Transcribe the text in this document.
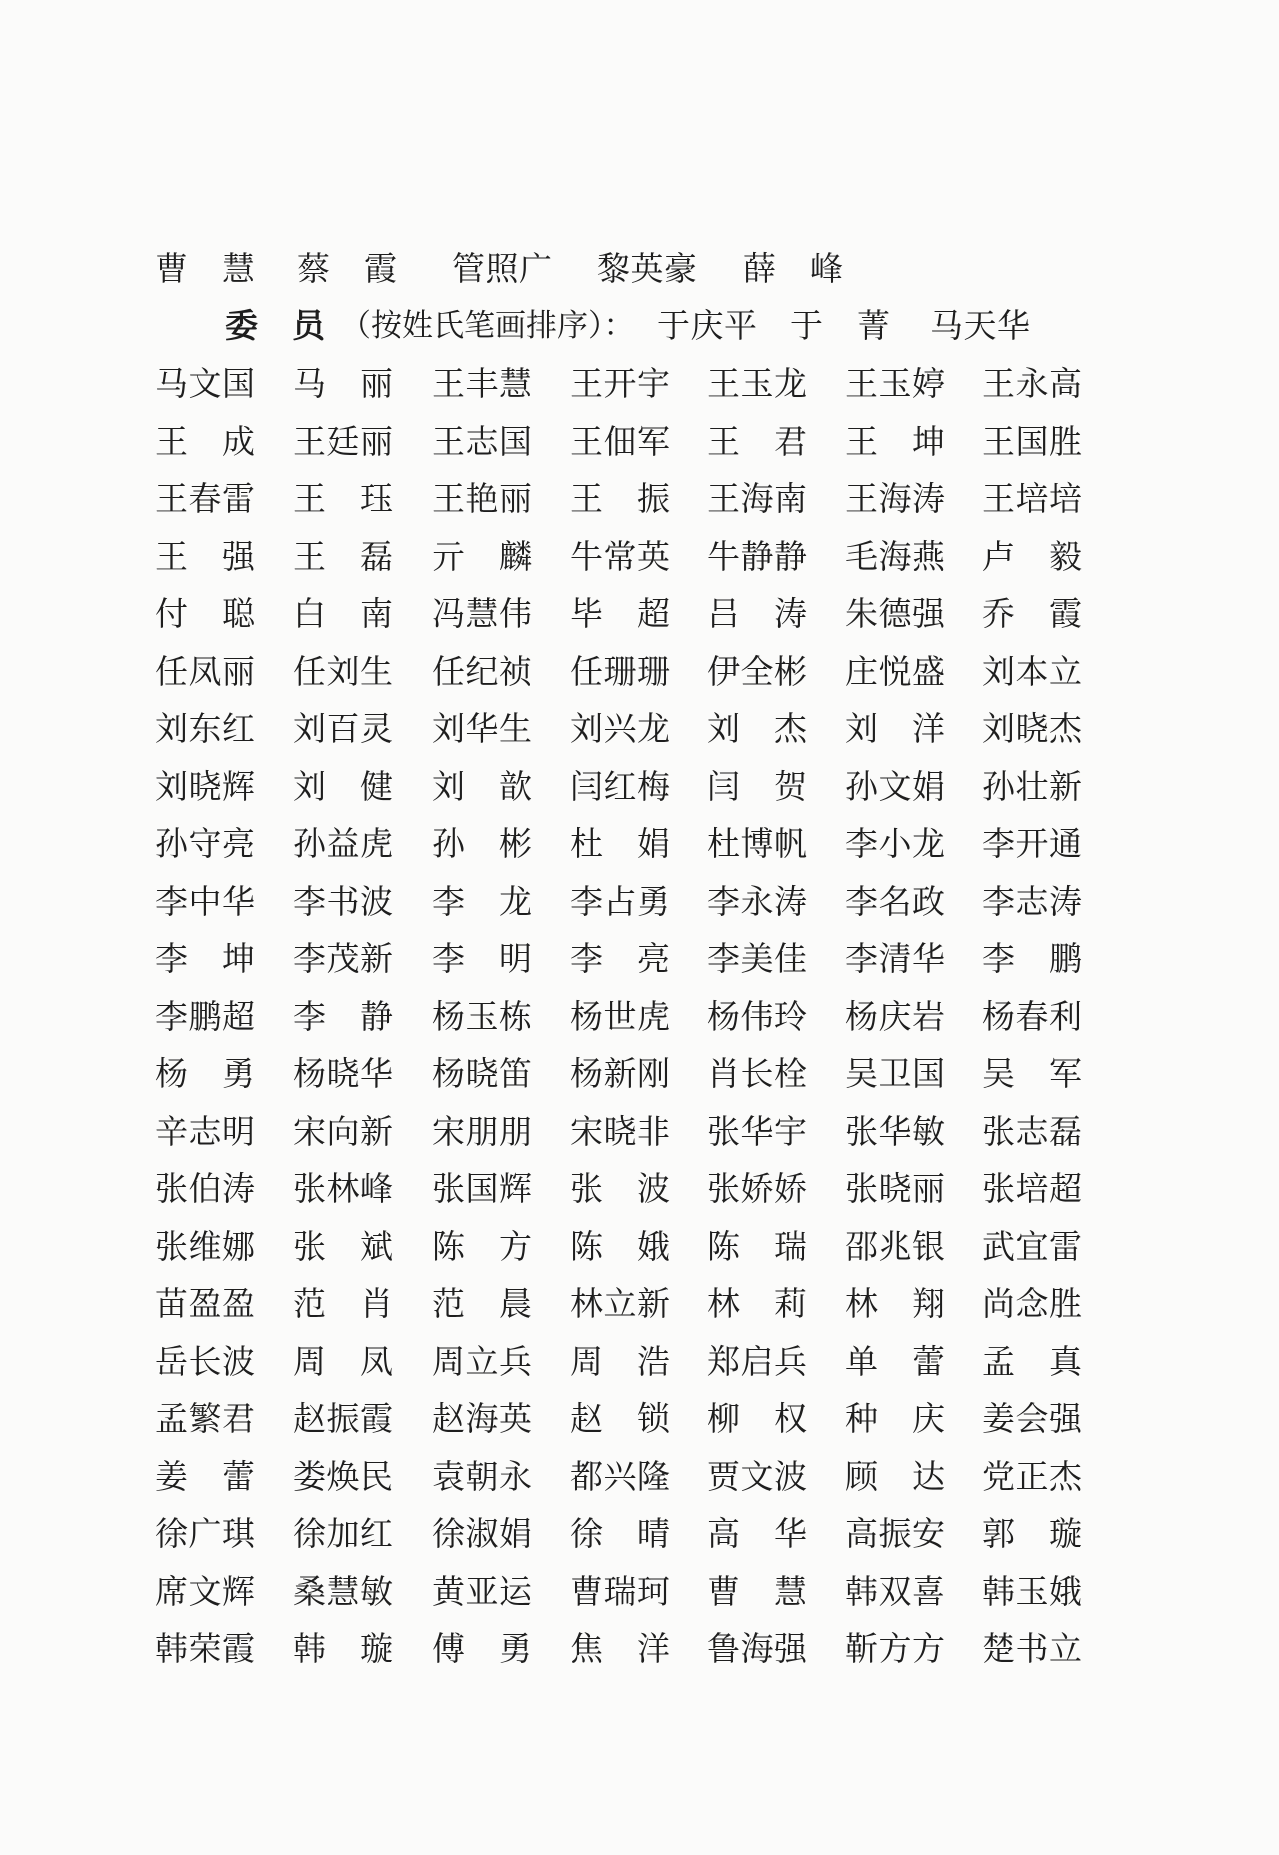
曹 慧 蔡 霞 管 照 广 黎 英 豪 薛 峰
委 员 （按姓氏笔画排序）： 于 庆 平 于 菁 马 天 华
马 文 国 马 丽 王 丰 慧 王 开 宇 王 玉 龙 王 玉 婷 王 永 高
王 成 王 廷 丽 王 志 国 王 佃 军 王 君 王 坤 王 国 胜
王 春 雷 王 珏 王 艳 丽 王 振 王 海 南 王 海 涛 王 培 培
王 强 王 磊 亓 麟 牛 常 英 牛 静 静 毛 海 燕 卢 毅
付 聪 白 南 冯 慧 伟 毕 超 吕 涛 朱 德 强 乔 霞
任 凤 丽 任 刘 生 任 纪 祯 任 珊 珊 伊 全 彬 庄 悦 盛 刘 本 立
刘 东 红 刘 百 灵 刘 华 生 刘 兴 龙 刘 杰 刘 洋 刘 晓 杰
刘 晓 辉 刘 健 刘 歆 闫 红 梅 闫 贺 孙 文 娟 孙 壮 新
孙 守 亮 孙 益 虎 孙 彬 杜 娟 杜 博 帆 李 小 龙 李 开 通
李 中 华 李 书 波 李 龙 李 占 勇 李 永 涛 李 名 政 李 志 涛
李 坤 李 茂 新 李 明 李 亮 李 美 佳 李 清 华 李 鹏
李 鹏 超 李 静 杨 玉 栋 杨 世 虎 杨 伟 玲 杨 庆 岩 杨 春 利
杨 勇 杨 晓 华 杨 晓 笛 杨 新 刚 肖 长 栓 吴 卫 国 吴 军
辛 志 明 宋 向 新 宋 朋 朋 宋 晓 非 张 华 宇 张 华 敏 张 志 磊
张 伯 涛 张 林 峰 张 国 辉 张 波 张 娇 娇 张 晓 丽 张 培 超
张 维 娜 张 斌 陈 方 陈 娥 陈 瑞 邵 兆 银 武 宜 雷
苗 盈 盈 范 肖 范 晨 林 立 新 林 莉 林 翔 尚 念 胜
岳 长 波 周 凤 周 立 兵 周 浩 郑 启 兵 单 蕾 孟 真
孟 繁 君 赵 振 霞 赵 海 英 赵 锁 柳 权 种 庆 姜 会 强
姜 蕾 娄 焕 民 袁 朝 永 都 兴 隆 贾 文 波 顾 达 党 正 杰
徐 广 琪 徐 加 红 徐 淑 娟 徐 晴 高 华 高 振 安 郭 璇
席 文 辉 桑 慧 敏 黄 亚 运 曹 瑞 珂 曹 慧 韩 双 喜 韩 玉 娥
韩 荣 霞 韩 璇 傅 勇 焦 洋 鲁 海 强 靳 方 方 楚 书 立
